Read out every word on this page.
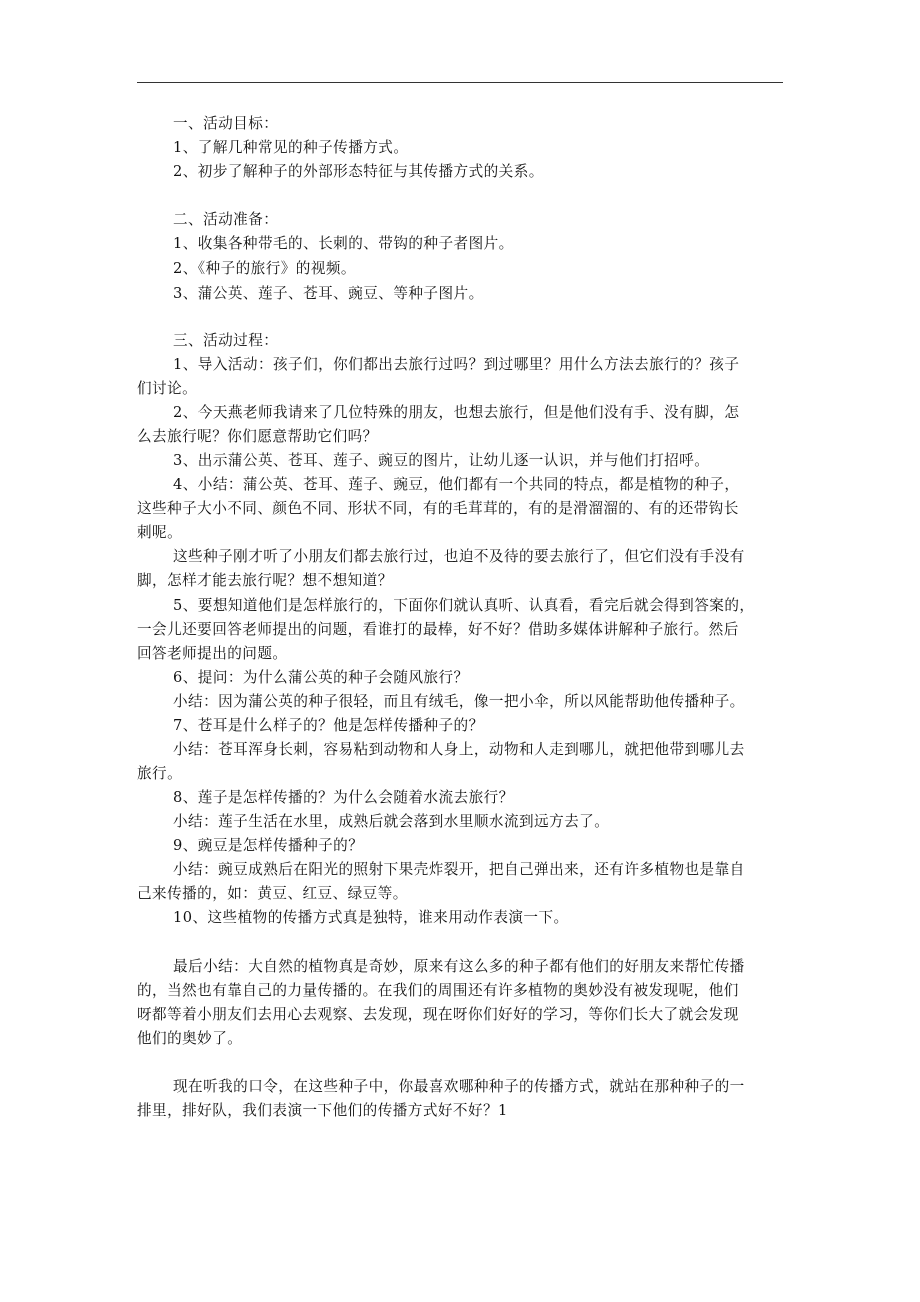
一、活动目标：
1、了解几种常见的种子传播方式。
2、初步了解种子的外部形态特征与其传播方式的关系。
二、活动准备：
1、收集各种带毛的、长刺的、带钩的种子者图片。
2、《种子的旅行》的视频。
3、蒲公英、莲子、苍耳、豌豆、等种子图片。
三、活动过程：
1、导入活动：孩子们，你们都出去旅行过吗？到过哪里？用什么方法去旅行的？孩子
们讨论。
2、今天燕老师我请来了几位特殊的朋友，也想去旅行，但是他们没有手、没有脚，怎
么去旅行呢？你们愿意帮助它们吗？
3、出示蒲公英、苍耳、莲子、豌豆的图片，让幼儿逐一认识，并与他们打招呼。
4、小结：蒲公英、苍耳、莲子、豌豆，他们都有一个共同的特点，都是植物的种子，
这些种子大小不同、颜色不同、形状不同，有的毛茸茸的，有的是滑溜溜的、有的还带钩长
刺呢。
这些种子刚才听了小朋友们都去旅行过，也迫不及待的要去旅行了，但它们没有手没有
脚，怎样才能去旅行呢？想不想知道？
5、要想知道他们是怎样旅行的，下面你们就认真听、认真看，看完后就会得到答案的，
一会儿还要回答老师提出的问题，看谁打的最棒，好不好？借助多媒体讲解种子旅行。然后
回答老师提出的问题。
6、提问：为什么蒲公英的种子会随风旅行？
小结：因为蒲公英的种子很轻，而且有绒毛，像一把小伞，所以风能帮助他传播种子。
7、苍耳是什么样子的？他是怎样传播种子的？
小结：苍耳浑身长刺，容易粘到动物和人身上，动物和人走到哪儿，就把他带到哪儿去
旅行。
8、莲子是怎样传播的？为什么会随着水流去旅行？
小结：莲子生活在水里，成熟后就会落到水里顺水流到远方去了。
9、豌豆是怎样传播种子的？
小结：豌豆成熟后在阳光的照射下果壳炸裂开，把自己弹出来，还有许多植物也是靠自
己来传播的，如：黄豆、红豆、绿豆等。
10、这些植物的传播方式真是独特，谁来用动作表演一下。
最后小结：大自然的植物真是奇妙，原来有这么多的种子都有他们的好朋友来帮忙传播
的，当然也有靠自己的力量传播的。在我们的周围还有许多植物的奥妙没有被发现呢，他们
呀都等着小朋友们去用心去观察、去发现，现在呀你们好好的学习，等你们长大了就会发现
他们的奥妙了。
现在听我的口令，在这些种子中，你最喜欢哪种种子的传播方式，就站在那种种子的一
排里，排好队，我们表演一下他们的传播方式好不好？1
